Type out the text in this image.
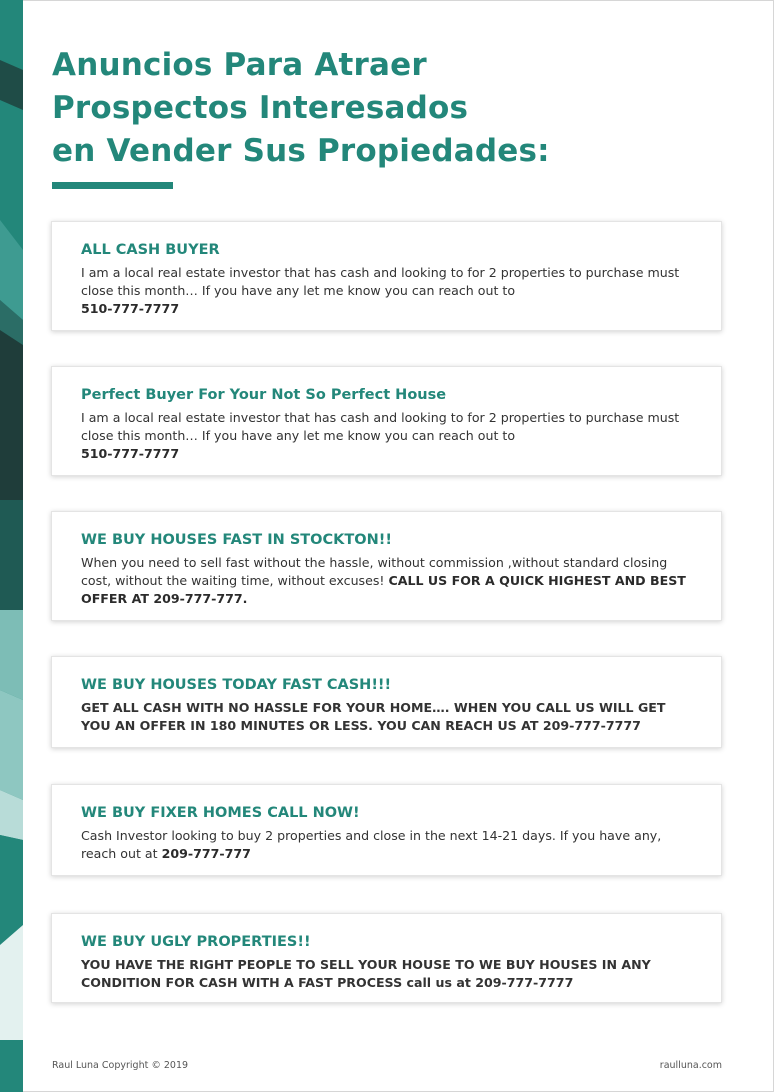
Anuncios Para Atraer
Prospectos Interesados
en Vender Sus Propiedades:
ALL CASH BUYER

I am a local real estate investor that has cash and looking to for 2 properties to purchase must close this month… If you have any let me know you can reach out to
510-777-7777

Perfect Buyer For Your Not So Perfect House

I am a local real estate investor that has cash and looking to for 2 properties to purchase must close this month… If you have any let me know you can reach out to
510-777-7777

WE BUY HOUSES FAST IN STOCKTON!!

When you need to sell fast without the hassle, without commission ,without standard closing cost, without the waiting time, without excuses! CALL US FOR A QUICK HIGHEST AND BEST OFFER AT 209-777-777.

WE BUY HOUSES TODAY FAST CASH!!!

GET ALL CASH WITH NO HASSLE FOR YOUR HOME…. WHEN YOU CALL US WILL GET YOU AN OFFER IN 180 MINUTES OR LESS. YOU CAN REACH US AT 209-777-7777

WE BUY FIXER HOMES CALL NOW!

Cash Investor looking to buy 2 properties and close in the next 14-21 days. If you have any, reach out at 209-777-777

WE BUY UGLY PROPERTIES!!

YOU HAVE THE RIGHT PEOPLE TO SELL YOUR HOUSE TO WE BUY HOUSES IN ANY CONDITION FOR CASH WITH A FAST PROCESS call us at 209-777-7777

Raul Luna Copyright © 2019	raulluna.com
